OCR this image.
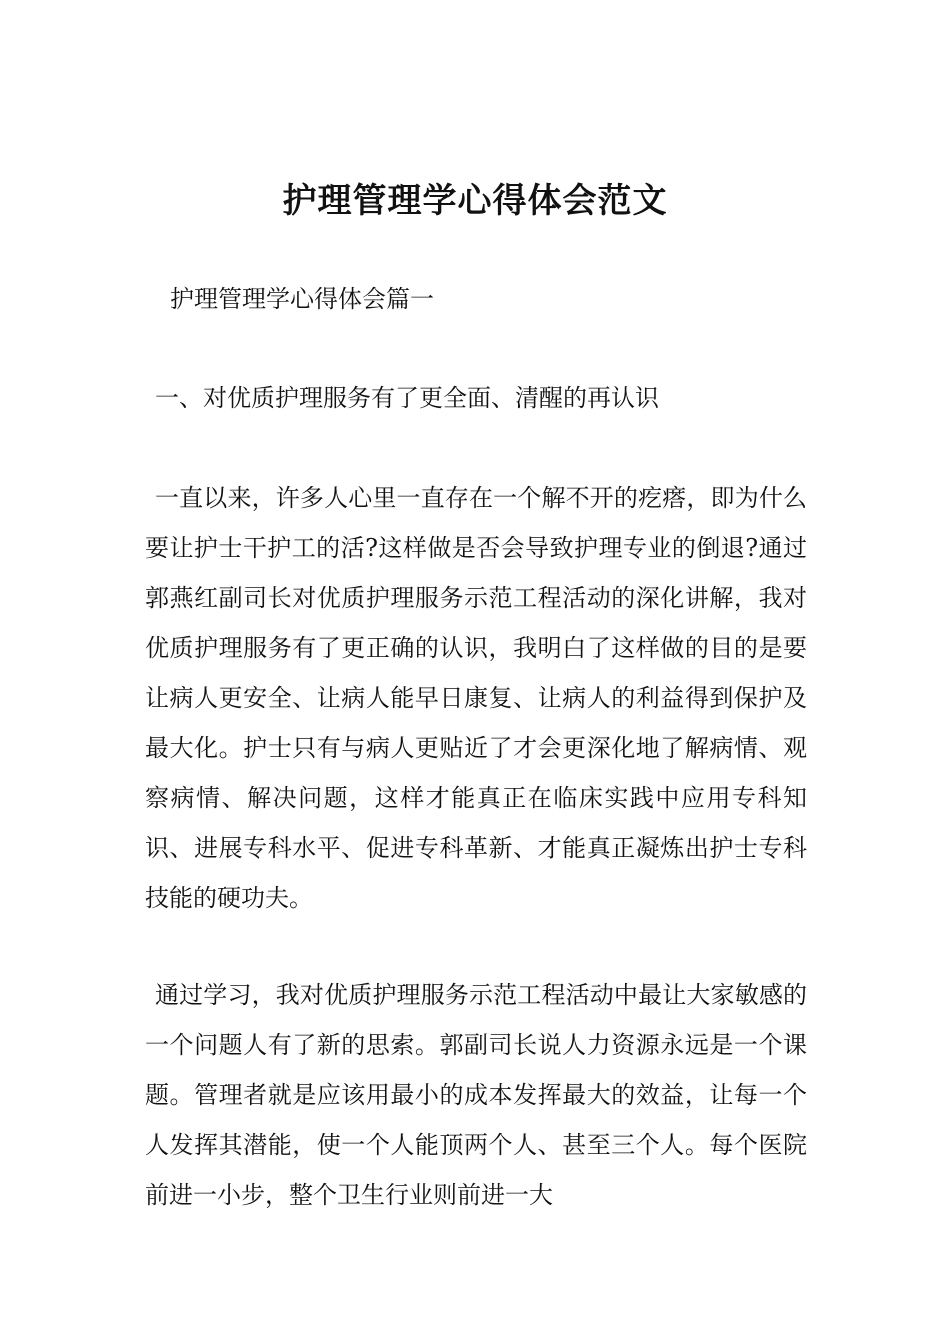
护理管理学心得体会范文

护理管理学心得体会篇一

一、对优质护理服务有了更全面、清醒的再认识

一直以来，许多人心里一直存在一个解不开的疙瘩，即为什么要让护士干护工的活?这样做是否会导致护理专业的倒退?通过郭燕红副司长对优质护理服务示范工程活动的深化讲解，我对优质护理服务有了更正确的认识，我明白了这样做的目的是要让病人更安全、让病人能早日康复、让病人的利益得到保护及最大化。护士只有与病人更贴近了才会更深化地了解病情、观察病情、解决问题，这样才能真正在临床实践中应用专科知识、进展专科水平、促进专科革新、才能真正凝炼出护士专科技能的硬功夫。

通过学习，我对优质护理服务示范工程活动中最让大家敏感的一个问题人有了新的思索。郭副司长说人力资源永远是一个课题。管理者就是应该用最小的成本发挥最大的效益，让每一个人发挥其潜能，使一个人能顶两个人、甚至三个人。每个医院前进一小步，整个卫生行业则前进一大
